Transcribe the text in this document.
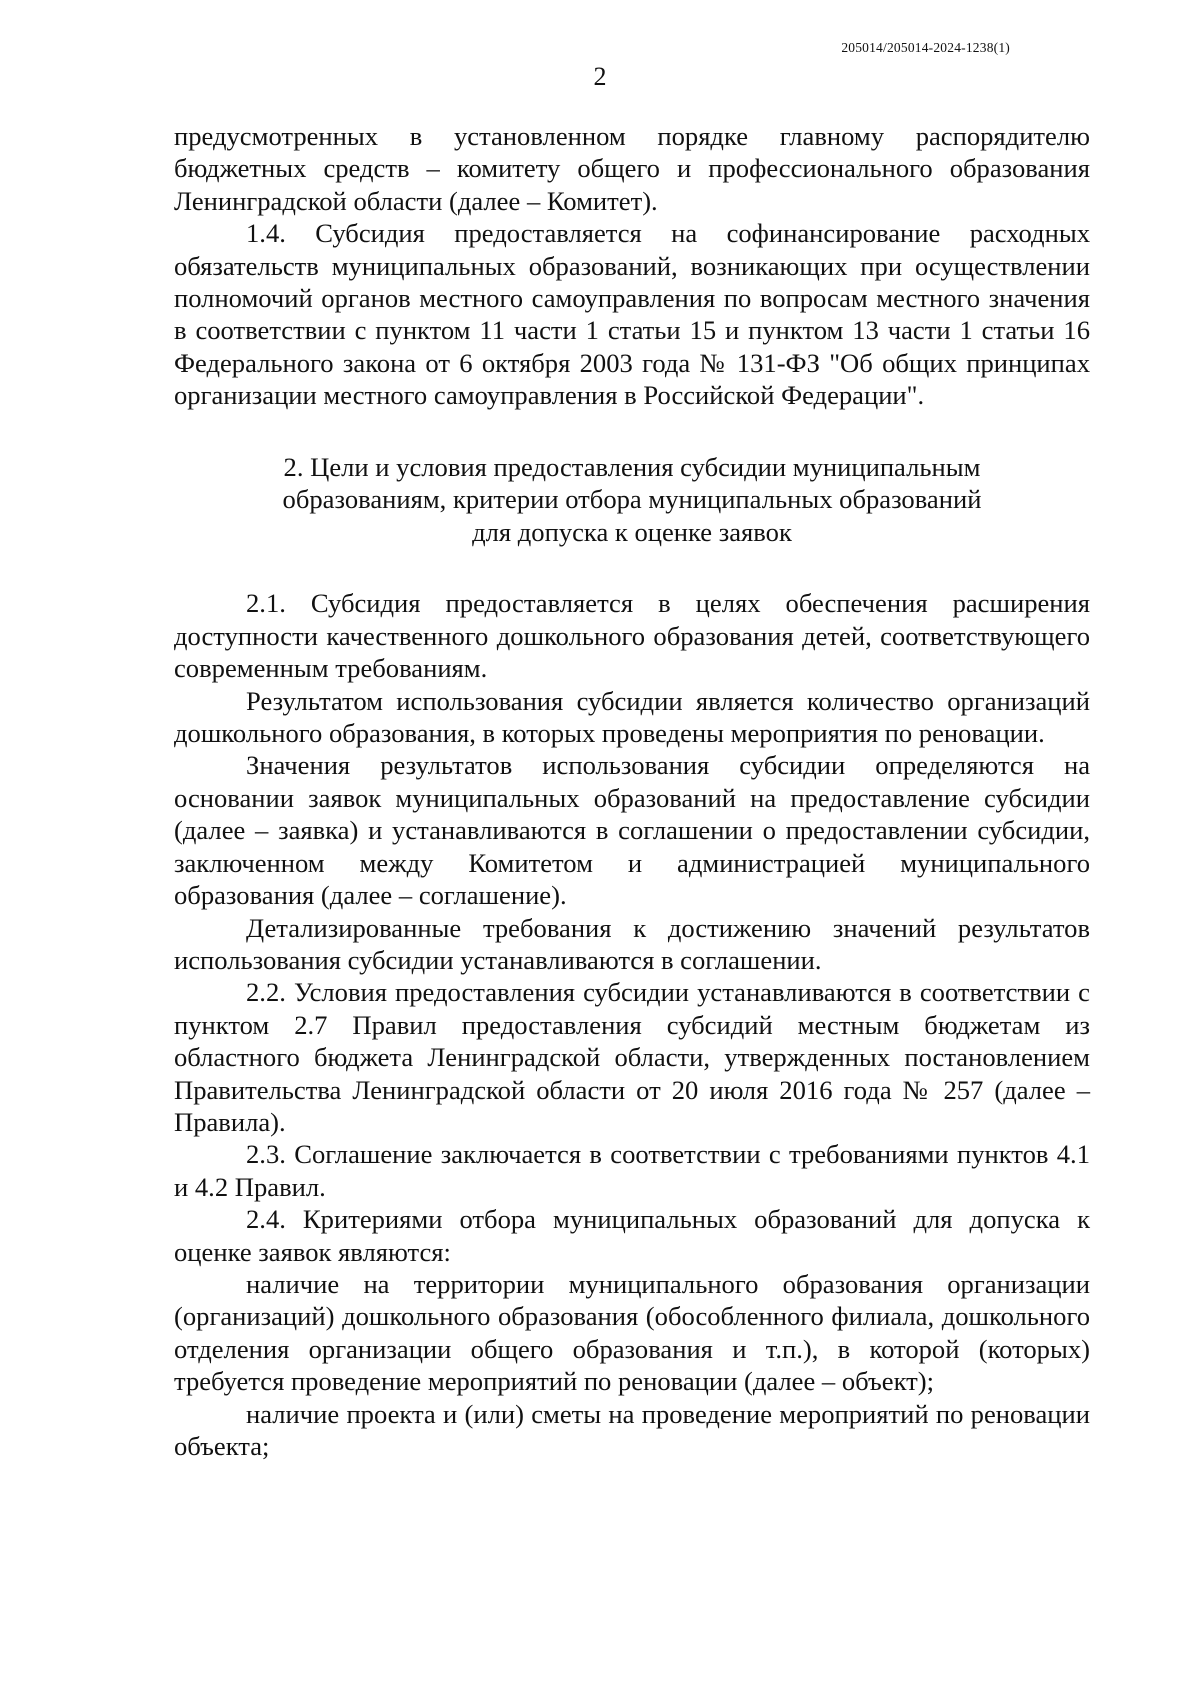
205014/205014-2024-1238(1)
2

предусмотренных в установленном порядке главному распорядителю бюджетных средств – комитету общего и профессионального образования Ленинградской области (далее – Комитет).

1.4. Субсидия предоставляется на софинансирование расходных обязательств муниципальных образований, возникающих при осуществлении полномочий органов местного самоуправления по вопросам местного значения в соответствии с пунктом 11 части 1 статьи 15 и пунктом 13 части 1 статьи 16 Федерального закона от 6 октября 2003 года № 131-ФЗ "Об общих принципах организации местного самоуправления в Российской Федерации".

2. Цели и условия предоставления субсидии муниципальным
образованиям, критерии отбора муниципальных образований
для допуска к оценке заявок

2.1. Субсидия предоставляется в целях обеспечения расширения доступности качественного дошкольного образования детей, соответствующего современным требованиям.

Результатом использования субсидии является количество организаций дошкольного образования, в которых проведены мероприятия по реновации.

Значения результатов использования субсидии определяются на основании заявок муниципальных образований на предоставление субсидии (далее – заявка) и устанавливаются в соглашении о предоставлении субсидии, заключенном между Комитетом и администрацией муниципального образования (далее – соглашение).

Детализированные требования к достижению значений результатов использования субсидии устанавливаются в соглашении.

2.2. Условия предоставления субсидии устанавливаются в соответствии с пунктом 2.7 Правил предоставления субсидий местным бюджетам из областного бюджета Ленинградской области, утвержденных постановлением Правительства Ленинградской области от 20 июля 2016 года № 257 (далее – Правила).

2.3. Соглашение заключается в соответствии с требованиями пунктов 4.1 и 4.2 Правил.

2.4. Критериями отбора муниципальных образований для допуска к оценке заявок являются:

наличие на территории муниципального образования организации (организаций) дошкольного образования (обособленного филиала, дошкольного отделения организации общего образования и т.п.), в которой (которых) требуется проведение мероприятий по реновации (далее – объект);

наличие проекта и (или) сметы на проведение мероприятий по реновации объекта;
